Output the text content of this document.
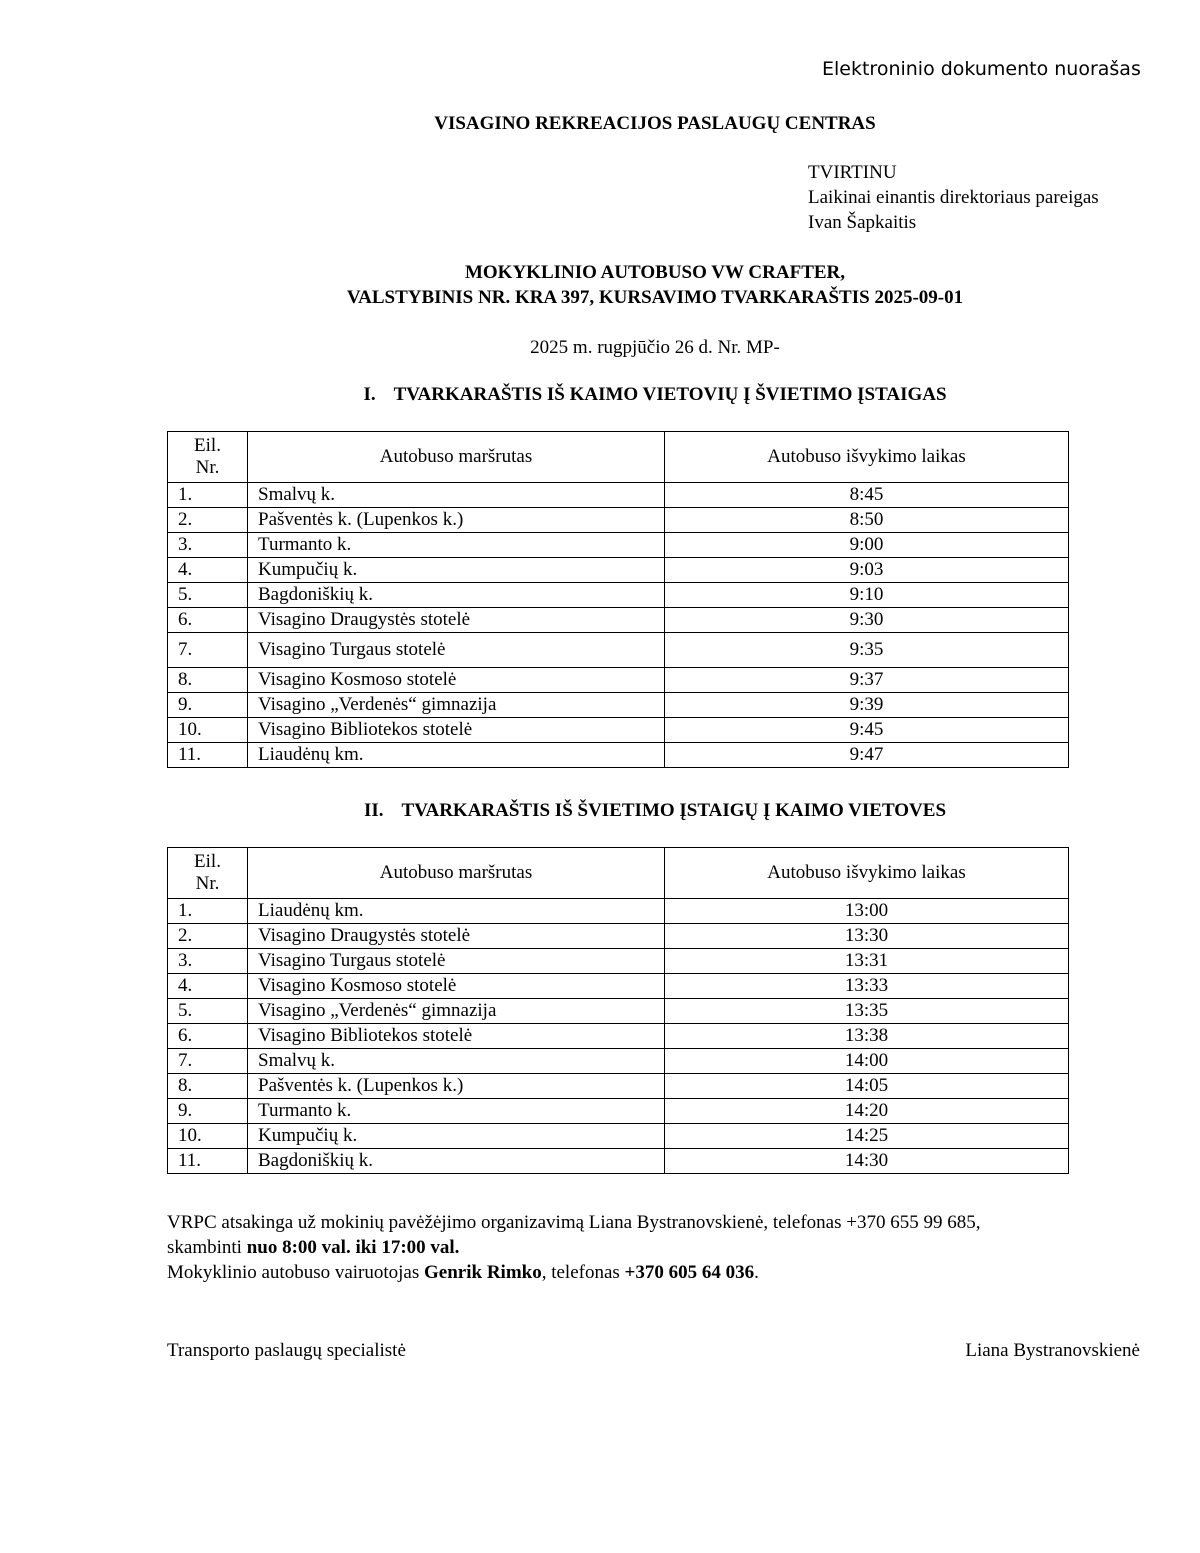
Elektroninio dokumento nuorašas
VISAGINO REKREACIJOS PASLAUGŲ CENTRAS
TVIRTINU
Laikinai einantis direktoriaus pareigas
Ivan Šapkaitis
MOKYKLINIO AUTOBUSO VW CRAFTER,
VALSTYBINIS NR. KRA 397, KURSAVIMO TVARKARAŠTIS 2025-09-01
2025 m. rugpjūčio 26 d. Nr. MP-
I. TVARKARAŠTIS IŠ KAIMO VIETOVIŲ Į ŠVIETIMO ĮSTAIGAS
Eil.
Nr.	Autobuso maršrutas	Autobuso išvykimo laikas
1.	Smalvų k.	8:45
2.	Pašventės k. (Lupenkos k.)	8:50
3.	Turmanto k.	9:00
4.	Kumpučių k.	9:03
5.	Bagdoniškių k.	9:10
6.	Visagino Draugystės stotelė	9:30
7.	Visagino Turgaus stotelė	9:35
8.	Visagino Kosmoso stotelė	9:37
9.	Visagino „Verdenės“ gimnazija	9:39
10.	Visagino Bibliotekos stotelė	9:45
11.	Liaudėnų km.	9:47
II. TVARKARAŠTIS IŠ ŠVIETIMO ĮSTAIGŲ Į KAIMO VIETOVES
Eil.
Nr.	Autobuso maršrutas	Autobuso išvykimo laikas
1.	Liaudėnų km.	13:00
2.	Visagino Draugystės stotelė	13:30
3.	Visagino Turgaus stotelė	13:31
4.	Visagino Kosmoso stotelė	13:33
5.	Visagino „Verdenės“ gimnazija	13:35
6.	Visagino Bibliotekos stotelė	13:38
7.	Smalvų k.	14:00
8.	Pašventės k. (Lupenkos k.)	14:05
9.	Turmanto k.	14:20
10.	Kumpučių k.	14:25
11.	Bagdoniškių k.	14:30

VRPC atsakinga už mokinių pavėžėjimo organizavimą Liana Bystranovskienė, telefonas +370 655 99 685,

skambinti nuo 8:00 val. iki 17:00 val.

Mokyklinio autobuso vairuotojas Genrik Rimko, telefonas +370 605 64 036.

Transporto paslaugų specialistė	Liana Bystranovskienė
